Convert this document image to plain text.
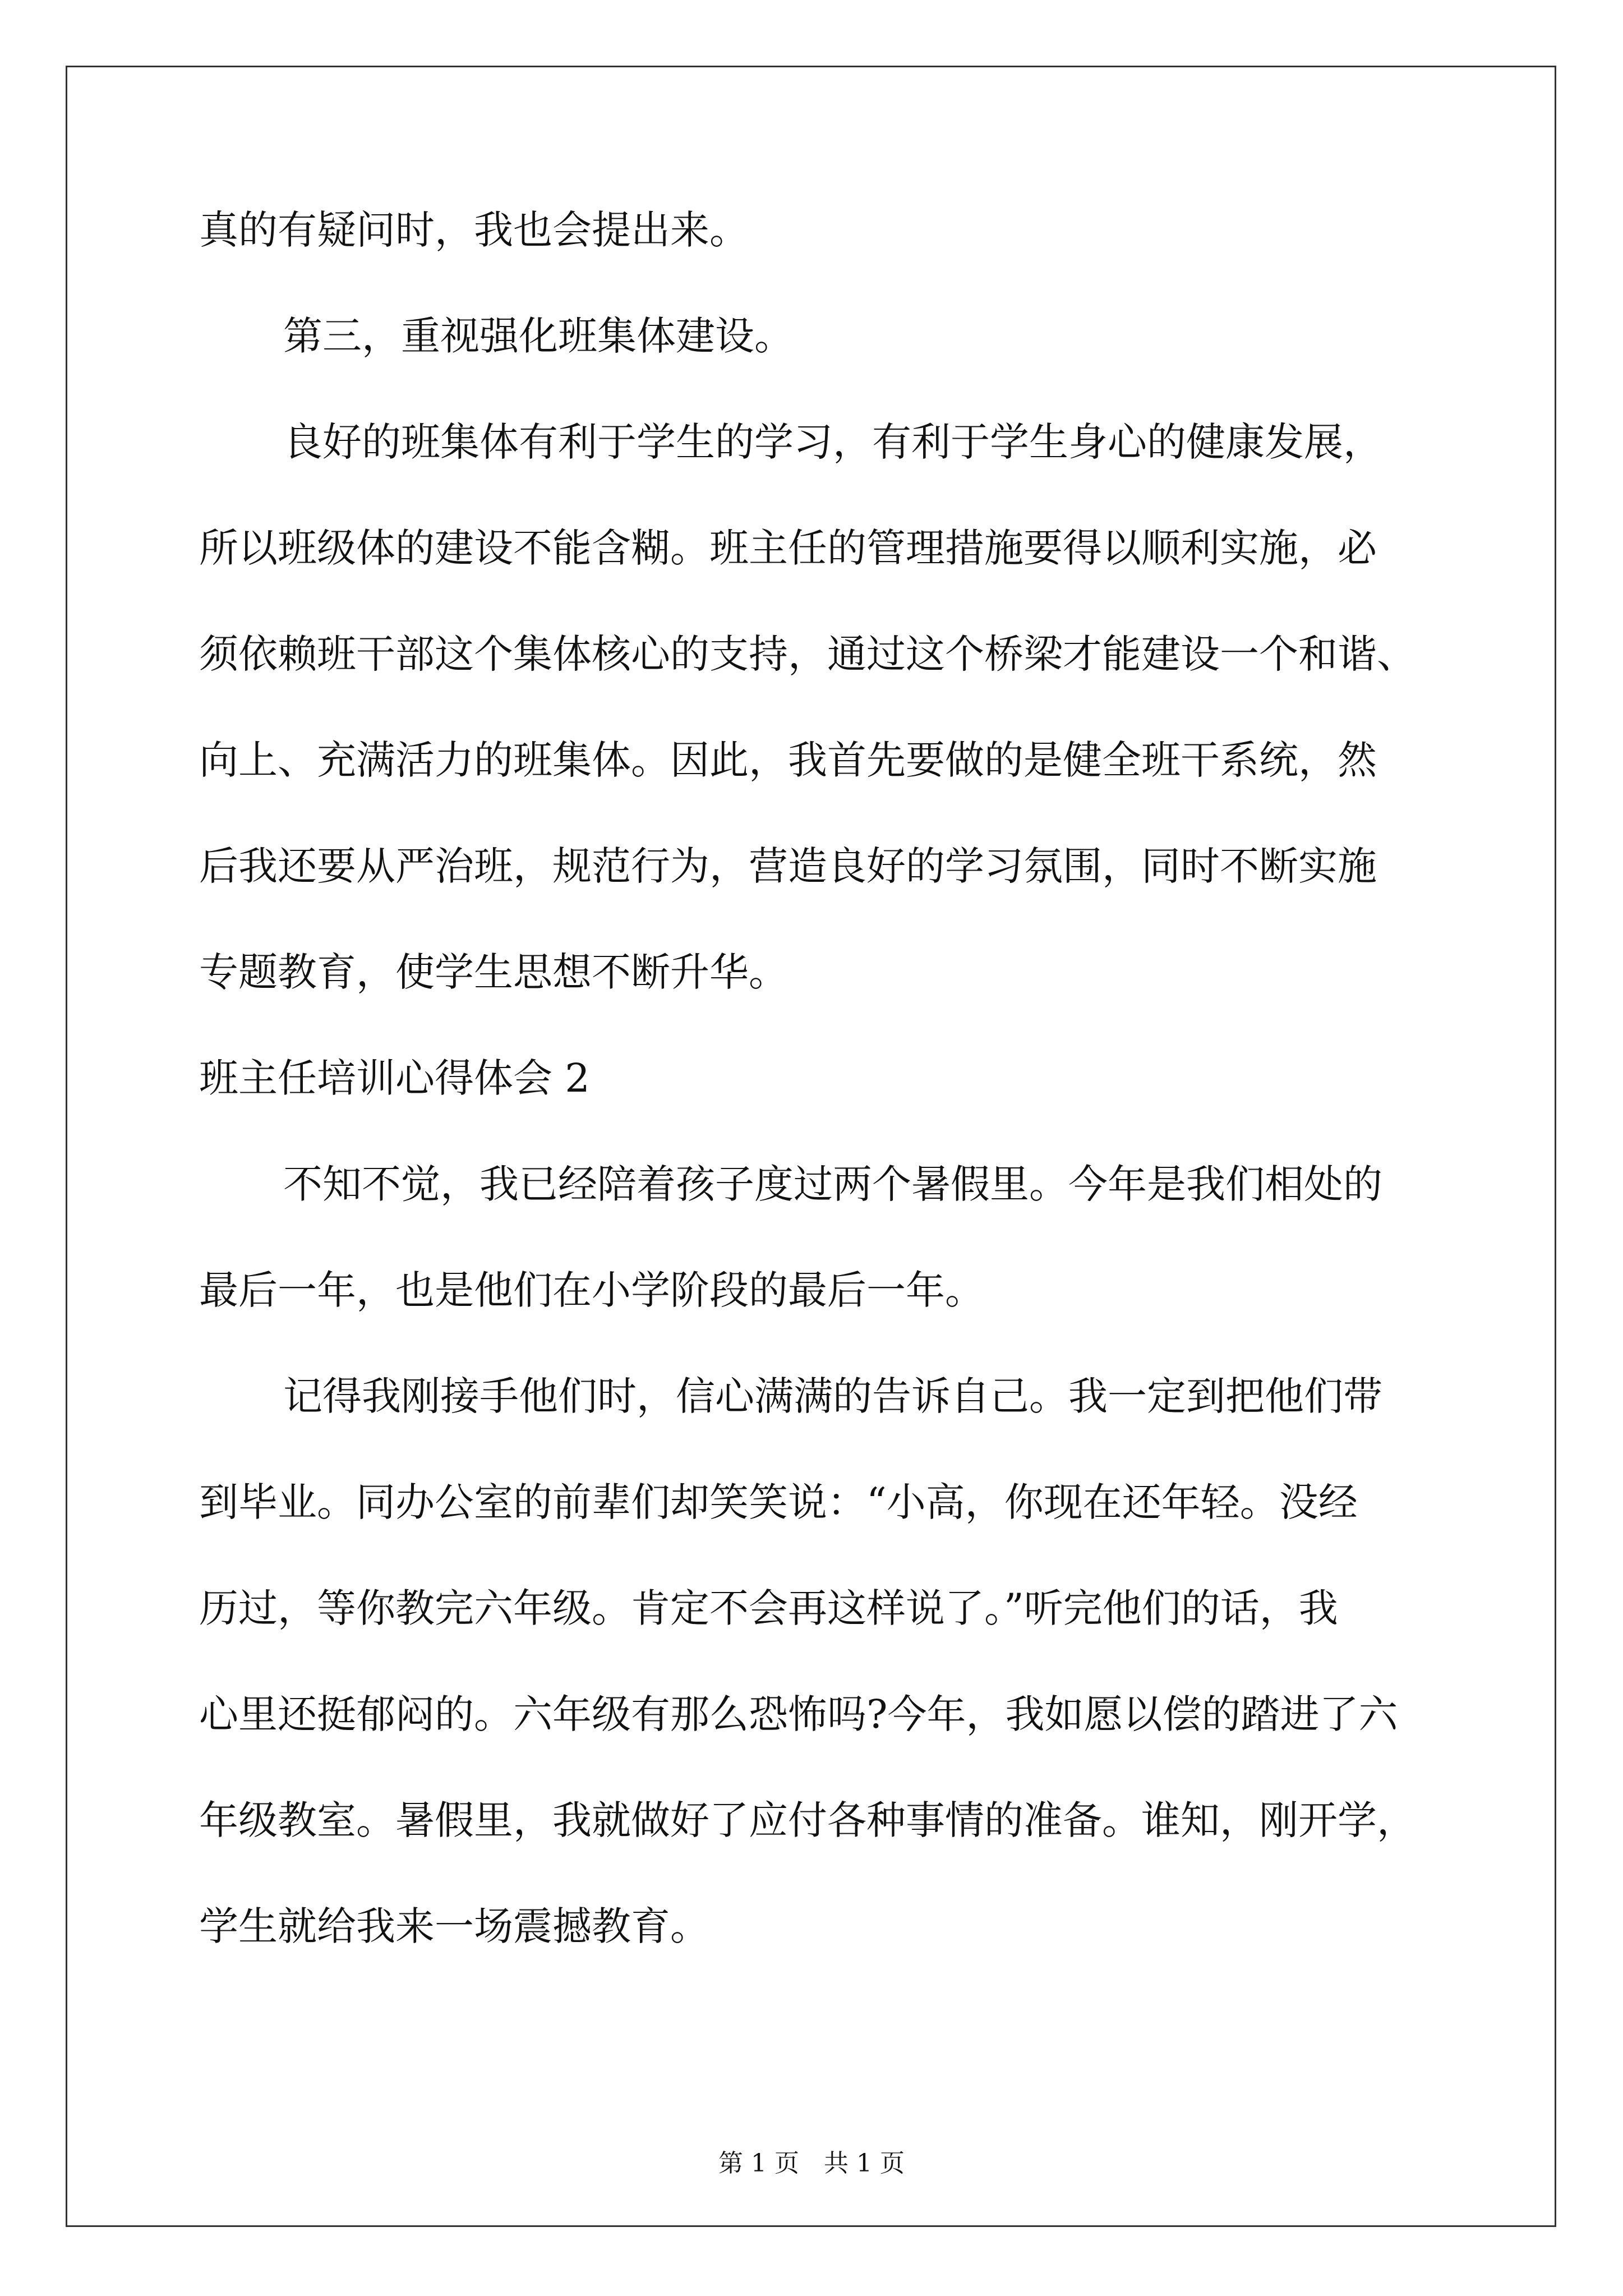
真的有疑问时，我也会提出来。
第三，重视强化班集体建设。
良好的班集体有利于学生的学习，有利于学生身心的健康发展，
所以班级体的建设不能含糊。班主任的管理措施要得以顺利实施，必
须依赖班干部这个集体核心的支持，通过这个桥梁才能建设一个和谐、
向上、充满活力的班集体。因此，我首先要做的是健全班干系统，然
后我还要从严治班，规范行为，营造良好的学习氛围，同时不断实施
专题教育，使学生思想不断升华。
班主任培训心得体会 2
不知不觉，我已经陪着孩子度过两个暑假里。今年是我们相处的
最后一年，也是他们在小学阶段的最后一年。
记得我刚接手他们时，信心满满的告诉自己。我一定到把他们带
到毕业。同办公室的前辈们却笑笑说：“小高，你现在还年轻。没经
历过，等你教完六年级。肯定不会再这样说了。”听完他们的话，我
心里还挺郁闷的。六年级有那么恐怖吗?今年，我如愿以偿的踏进了六
年级教室。暑假里，我就做好了应付各种事情的准备。谁知，刚开学，
学生就给我来一场震撼教育。
第 1 页　共 1 页
